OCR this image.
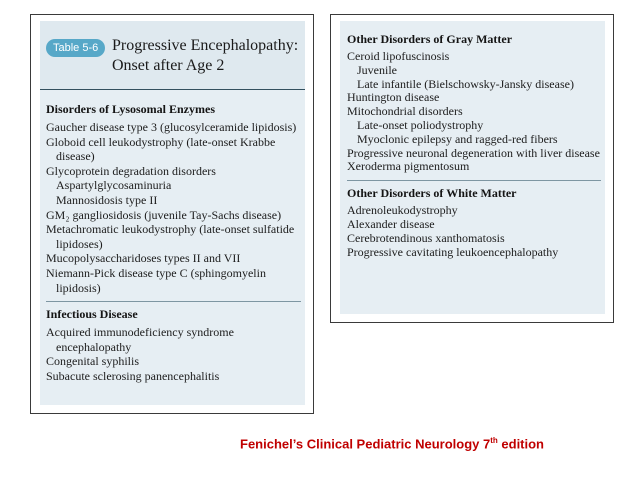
Table 5-6 Progressive Encephalopathy: Onset after Age 2
Disorders of Lysosomal Enzymes
Gaucher disease type 3 (glucosylceramide lipidosis)
Globoid cell leukodystrophy (late-onset Krabbe disease)
Glycoprotein degradation disorders
Aspartylglycosaminuria
Mannosidosis type II
GM₂ gangliosidosis (juvenile Tay-Sachs disease)
Metachromatic leukodystrophy (late-onset sulfatide lipidoses)
Mucopolysaccharidoses types II and VII
Niemann-Pick disease type C (sphingomyelin lipidosis)
Infectious Disease
Acquired immunodeficiency syndrome encephalopathy
Congenital syphilis
Subacute sclerosing panencephalitis
Other Disorders of Gray Matter
Ceroid lipofuscinosis
Juvenile
Late infantile (Bielschowsky-Jansky disease)
Huntington disease
Mitochondrial disorders
Late-onset poliodystrophy
Myoclonic epilepsy and ragged-red fibers
Progressive neuronal degeneration with liver disease
Xeroderma pigmentosum
Other Disorders of White Matter
Adrenoleukodystrophy
Alexander disease
Cerebrotendinous xanthomatosis
Progressive cavitating leukoencephalopathy
Fenichel’s Clinical Pediatric Neurology 7th edition
